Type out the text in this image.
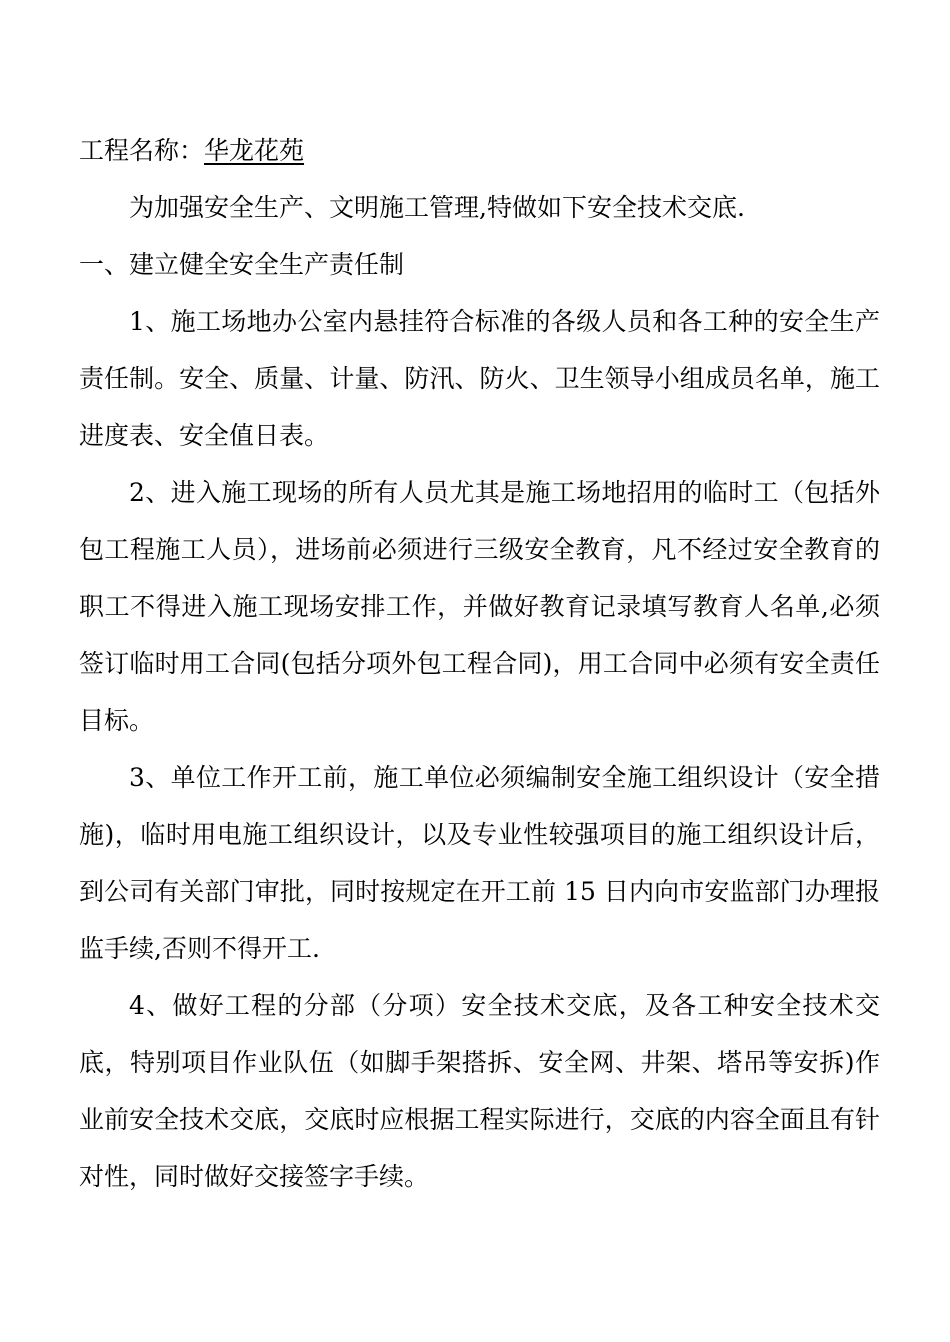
工程名称：华龙花苑
为加强安全生产、文明施工管理,特做如下安全技术交底.
一、建立健全安全生产责任制

1、施工场地办公室内悬挂符合标准的各级人员和各工种的安全生产责任制。安全、质量、计量、防汛、防火、卫生领导小组成员名单，施工进度表、安全值日表。

2、进入施工现场的所有人员尤其是施工场地招用的临时工（包括外包工程施工人员），进场前必须进行三级安全教育，凡不经过安全教育的职工不得进入施工现场安排工作，并做好教育记录填写教育人名单,必须签订临时用工合同(包括分项外包工程合同)，用工合同中必须有安全责任目标。

3、单位工作开工前，施工单位必须编制安全施工组织设计（安全措施)，临时用电施工组织设计，以及专业性较强项目的施工组织设计后，到公司有关部门审批，同时按规定在开工前 15 日内向市安监部门办理报监手续,否则不得开工.

4、做好工程的分部（分项）安全技术交底，及各工种安全技术交底，特别项目作业队伍（如脚手架搭拆、安全网、井架、塔吊等安拆)作业前安全技术交底，交底时应根据工程实际进行，交底的内容全面且有针对性，同时做好交接签字手续。
